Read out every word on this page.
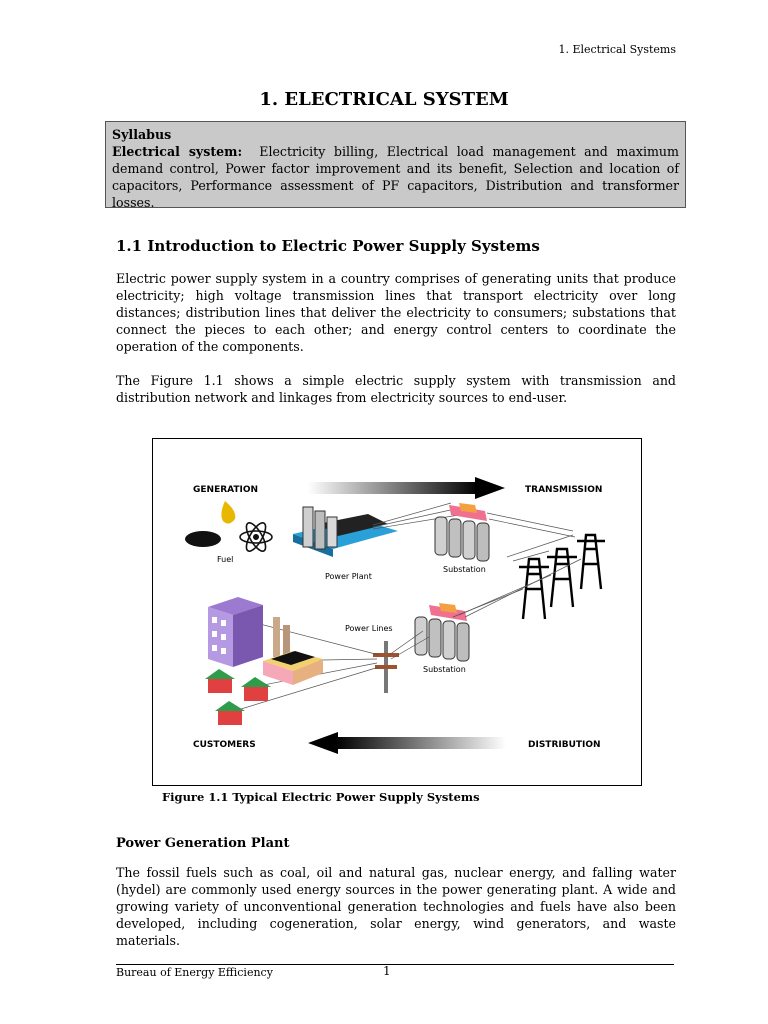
1. Electrical Systems
1. ELECTRICAL SYSTEM
Syllabus

Electrical system: Electricity billing, Electrical load management and maximum demand control, Power factor improvement and its benefit, Selection and location of capacitors, Performance assessment of PF capacitors, Distribution and transformer losses.

1.1 Introduction to Electric Power Supply Systems

Electric power supply system in a country comprises of generating units that produce electricity; high voltage transmission lines that transport electricity over long distances; distribution lines that deliver the electricity to consumers; substations that connect the pieces to each other; and energy control centers to coordinate the operation of the components.

The Figure 1.1 shows a simple electric supply system with transmission and distribution network and linkages from electricity sources to end-user.

GENERATION	TRANSMISSION
Fuel
Power Plant
Substation
Substation
Power Lines
CUSTOMERS	DISTRIBUTION
Figure 1.1 Typical Electric Power Supply Systems
Power Generation Plant

The fossil fuels such as coal, oil and natural gas, nuclear energy, and falling water (hydel) are commonly used energy sources in the power generating plant. A wide and growing variety of unconventional generation technologies and fuels have also been developed, including cogeneration, solar energy, wind generators, and waste materials.

Bureau of Energy Efficiency	1
